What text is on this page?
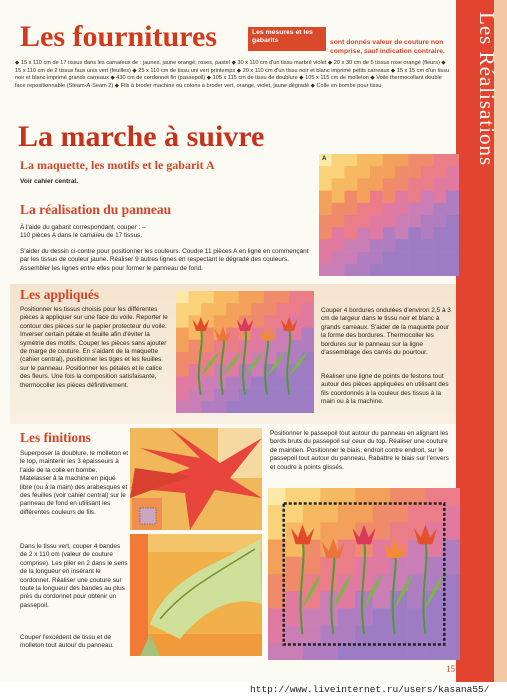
Les Réalisations
Les fournitures	Les mesures et les gabarits	sont donnés valeur de couture non comprise, sauf indication contraire.
◆ 15 x 110 cm de 17 tissus dans les camaïeux de : jaunes, jaune orangé, roses, pastel ◆ 30 x 110 cm d'un tissu marbré violet ◆ 20 x 30 cm de 5 tissus rose orangé (fleurs) ◆ 15 x 110 cm de 2 tissus faux unis vert (feuilles) ◆ 25 x 110 cm de tissu uni vert printemps ◆ 20 x 110 cm d'un tissu noir et blanc imprimé petits carreaux ◆ 15 x 15 cm d'un tissu noir et blanc imprimé grands carreaux ◆ 430 cm de cordonnet fin (passepoil) ◆ 105 x 115 cm de tissu de doublure ◆ 105 x 115 cm de molleton ◆ Voile thermocollant double face repositionnable (Steam-A-Seam 2) ◆ Fils à broder machine ou cotons à broder vert, orange, violet, jaune dégradé ◆ Colle en bombe pour tissu
La marche à suivre
La maquette, les motifs et le gabarit A
Voir cahier central.
A
La réalisation du panneau
À l'aide du gabarit correspondant, couper : – 110 pièces A dans le camaïeu de 17 tissus.
S'aider du dessin ci-contre pour positionner les couleurs. Coudre 11 pièces A en ligne en commençant par les tissus de couleur jaune. Réaliser 9 autres lignes en respectant le dégradé des couleurs. Assembler les lignes entre elles pour former le panneau de fond.
Les appliqués
Positionner les tissus choisis pour les différentes pièces à appliquer sur une face du voile. Reporter le contour des pièces sur le papier protecteur du voile. Inverser certain pétale et feuille afin d'éviter la symétrie des motifs. Couper les pièces sans ajouter de marge de couture. En s'aidant de la maquette (cahier central), positionner les tiges et les feuilles sur le panneau. Positionner les pétales et le calice des fleurs. Une fois la composition satisfaisante, thermocoller les pièces définitivement.
Couper 4 bordures ondulées d'environ 2,5 à 3 cm de largeur dans le tissu noir et blanc à grands carreaux. S'aider de la maquette pour la forme des bordures. Thermocoller les bordures sur le panneau sur la ligne d'assemblage des carrés du pourtour.
Réaliser une ligne de points de festons tout autour des pièces appliquées en utilisant des fils coordonnés à la couleur des tissus à la main ou à la machine.
Les finitions
Superposer la doublure, le molleton et le top, maintenir les 3 épaisseurs à l'aide de la colle en bombe. Matelasser à la machine en piqué libre (ou à la main) des arabesques et des feuilles (voir cahier central) sur le panneau de fond en utilisant les différentes couleurs de fils.
Dans le tissu vert, couper 4 bandes de 2 x 110 cm (valeur de couture comprise). Les plier en 2 dans le sens de la longueur en insérant le cordonnet. Réaliser une couture sur toute la longueur des bandes au plus près du cordonnet pour obtenir un passepoil.
Couper l'excédent de tissu et de molleton tout autour du panneau.
Positionner le passepoil tout autour du panneau en alignant les bords bruts du passepoil sur ceux du top. Réaliser une couture de maintien. Positionner le biais, endroit contre endroit, sur le passepoil tout autour du panneau. Rabattre le biais sur l'envers et coudre à points glissés.
15
http://www.liveinternet.ru/users/kasana55/
